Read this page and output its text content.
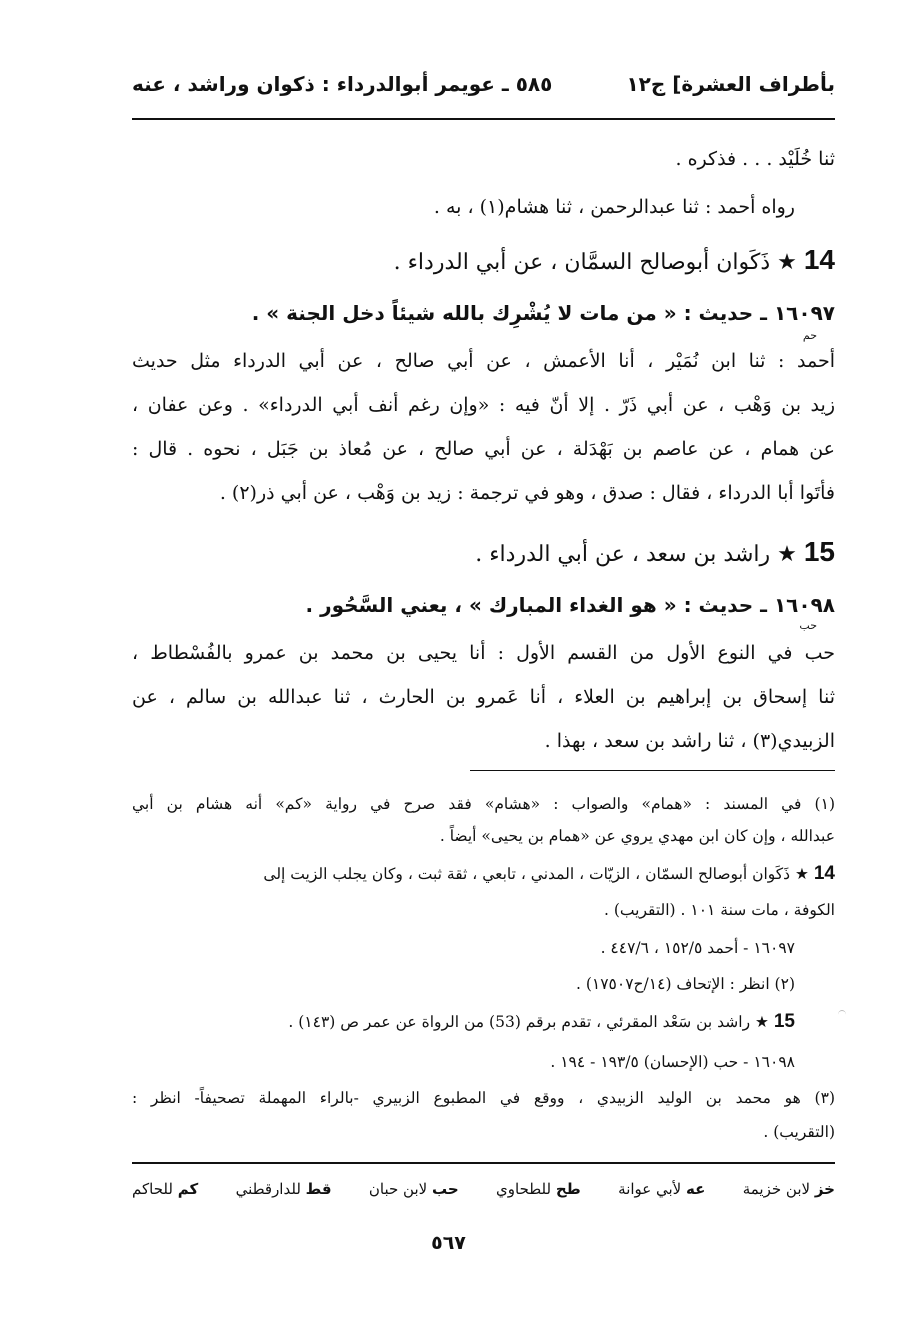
بأطراف العشرة] ج١٢
٥٨٥ ـ عويمر أبوالدرداء : ذكوان وراشد ، عنه
ثنا خُلَيْد . . . فذكره .
رواه أحمد : ثنا عبدالرحمن ، ثنا هشام(١) ، به .
14 ★ ذَكَوان أبوصالح السمَّان ، عن أبي الدرداء .
١٦٠٩٧ ـ حديث : « من مات لا يُشْرِك بالله شيئاً دخل الجنة » .
حم
أحمد : ثنا ابن نُمَيْر ، أنا الأعمش ، عن أبي صالح ، عن أبي الدرداء مثل حديث
زيد بن وَهْب ، عن أبي ذَرّ . إلا أنّ فيه : «وإن رغم أنف أبي الدرداء» . وعن عفان ،
عن همام ، عن عاصم بن بَهْدَلة ، عن أبي صالح ، عن مُعاذ بن جَبَل ، نحوه . قال :
فأتَوا أبا الدرداء ، فقال : صدق ، وهو في ترجمة : زيد بن وَهْب ، عن أبي ذر(٢) .
15 ★ راشد بن سعد ، عن أبي الدرداء .
١٦٠٩٨ ـ حديث : « هو الغداء المبارك » ، يعني السَّحُور .
حب
حب في النوع الأول من القسم الأول : أنا يحيى بن محمد بن عمرو بالفُسْطاط ،
ثنا إسحاق بن إبراهيم بن العلاء ، أنا عَمرو بن الحارث ، ثنا عبدالله بن سالم ، عن
الزبيدي(٣) ، ثنا راشد بن سعد ، بهذا .
(١) في المسند : «همام» والصواب : «هشام» فقد صرح في رواية «كم» أنه هشام بن أبي
عبدالله ، وإن كان ابن مهدي يروي عن «همام بن يحيى» أيضاً .
14 ★ ذَكَوان أبوصالح السمّان ، الزيّات ، المدني ، تابعي ، ثقة ثبت ، وكان يجلب الزيت إلى
الكوفة ، مات سنة ١٠١ . (التقريب) .
١٦٠٩٧ - أحمد ١٥٢/٥ ، ٤٤٧/٦ .
(٢) انظر : الإتحاف (١٤/ح١٧٥٠٧) .
15 ★ راشد بن سَعْد المقرئي ، تقدم برقم (53) من الرواة عن عمر ص (١٤٣) .
١٦٠٩٨ - حب (الإحسان) ١٩٣/٥ - ١٩٤ .
(٣) هو محمد بن الوليد الزبيدي ، ووقع في المطبوع الزبيري -بالراء المهملة تصحيفاً- انظر :
(التقريب) .
خز لابن خزيمة
عه لأبي عوانة
طح للطحاوي
حب لابن حبان
قط للدارقطني
كم للحاكم
٥٦٧
